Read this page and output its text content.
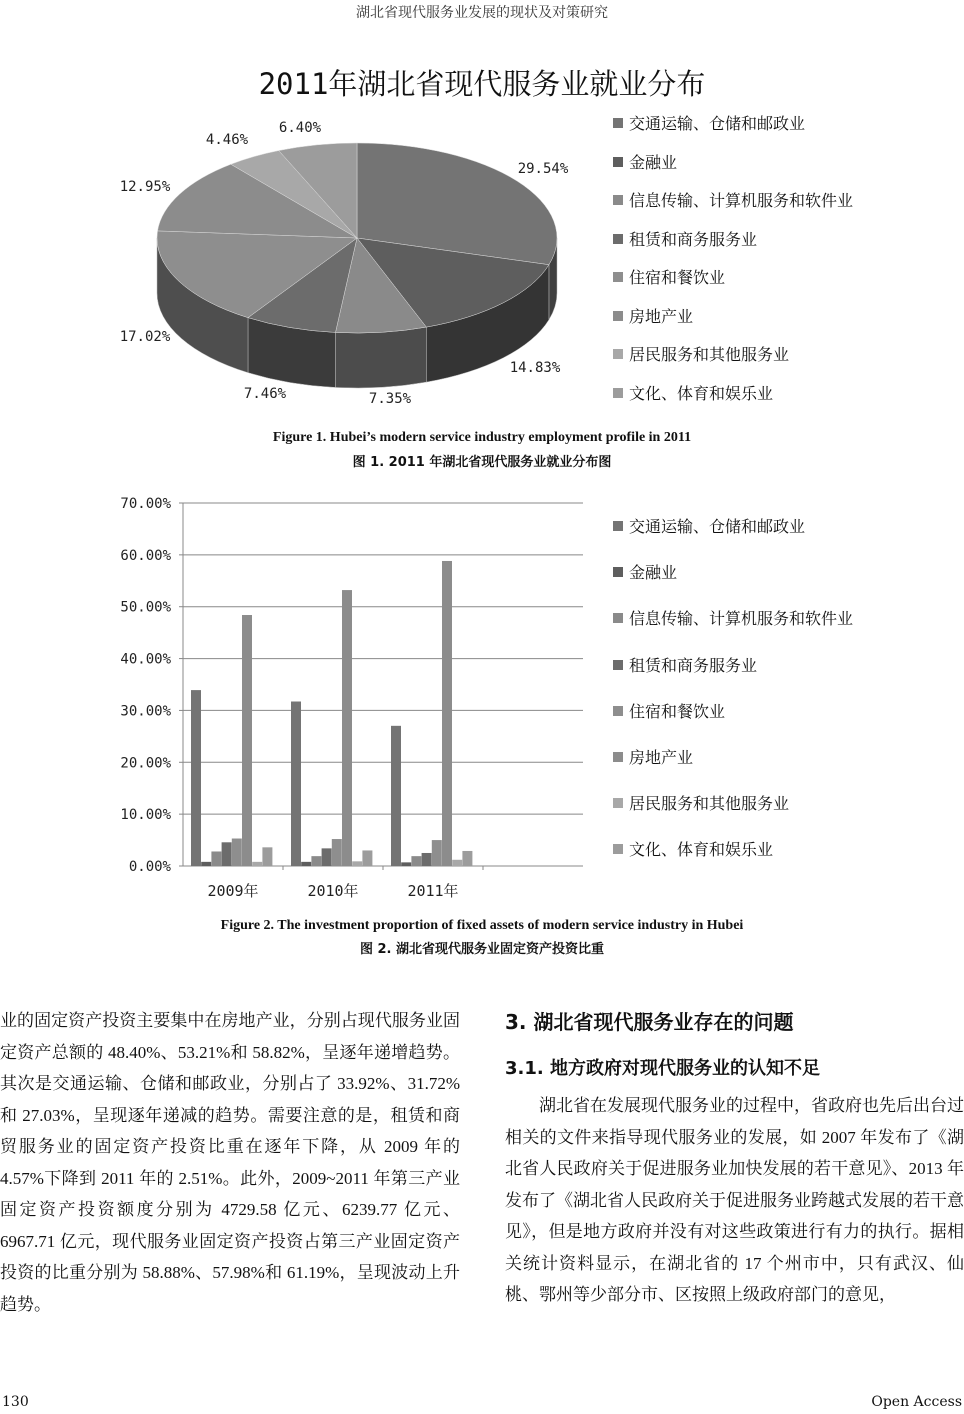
湖北省现代服务业发展的现状及对策研究
2011年湖北省现代服务业就业分布
29.54%
14.83%
7.35%
7.46%
17.02%
12.95%
4.46%
6.40%	交通运输、仓储和邮政业
金融业
信息传输、计算机服务和软件业
租赁和商务服务业
住宿和餐饮业
房地产业
居民服务和其他服务业
文化、体育和娱乐业
Figure 1. Hubei’s modern service industry employment profile in 2011
图 1. 2011 年湖北省现代服务业就业分布图
0.00%
10.00%
20.00%
30.00%
40.00%
50.00%
60.00%
70.00%
2009年	2010年	2011年
交通运输、仓储和邮政业
金融业
信息传输、计算机服务和软件业
租赁和商务服务业
住宿和餐饮业
房地产业
居民服务和其他服务业
文化、体育和娱乐业
Figure 2. The investment proportion of fixed assets of modern service industry in Hubei
图 2. 湖北省现代服务业固定资产投资比重

业的固定资产投资主要集中在房地产业，分别占现代服务业固定资产总额的 48.40%、53.21%和 58.82%，呈逐年递增趋势。其次是交通运输、仓储和邮政业，分别占了 33.92%、31.72%和 27.03%，呈现逐年递减的趋势。需要注意的是，租赁和商贸服务业的固定资产投资比重在逐年下降，从 2009 年的 4.57%下降到 2011 年的 2.51%。此外，2009~2011 年第三产业固定资产投资额度分别为 4729.58 亿元、6239.77 亿元、6967.71 亿元，现代服务业固定资产投资占第三产业固定资产投资的比重分别为 58.88%、57.98%和 61.19%，呈现波动上升趋势。

3. 湖北省现代服务业存在的问题
3.1. 地方政府对现代服务业的认知不足

湖北省在发展现代服务业的过程中，省政府也先后出台过相关的文件来指导现代服务业的发展，如 2007 年发布了《湖北省人民政府关于促进服务业加快发展的若干意见》、2013 年发布了《湖北省人民政府关于促进服务业跨越式发展的若干意见》，但是地方政府并没有对这些政策进行有力的执行。据相关统计资料显示，在湖北省的 17 个州市中，只有武汉、仙桃、鄂州等少部分市、区按照上级政府部门的意见，

130	Open Access
